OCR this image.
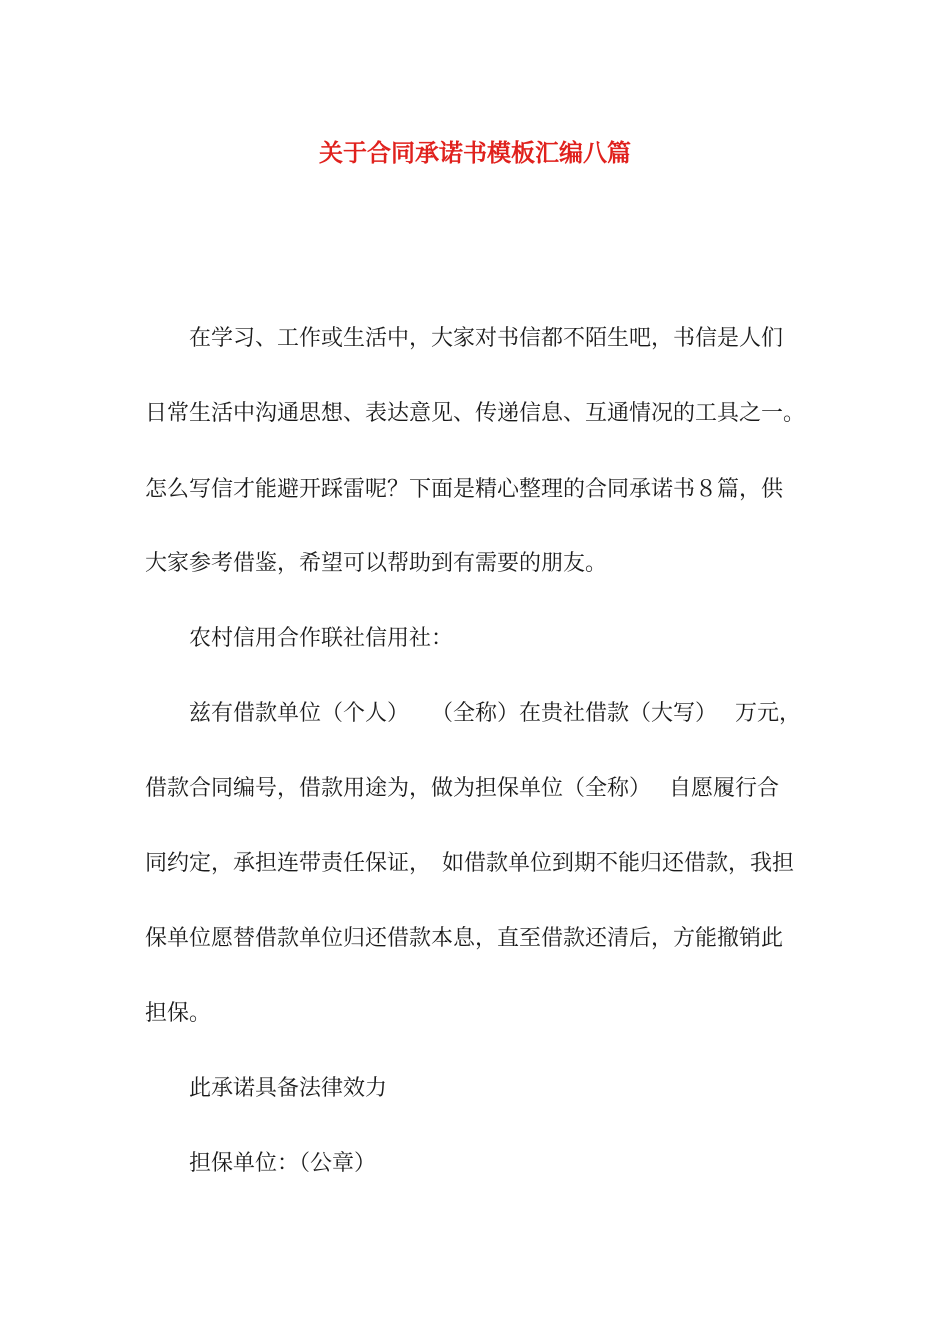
关于合同承诺书模板汇编八篇
在学习、工作或生活中，大家对书信都不陌生吧，书信是人们
日常生活中沟通思想、表达意见、传递信息、互通情况的工具之一。
怎么写信才能避开踩雷呢？下面是精心整理的合同承诺书８篇，供
大家参考借鉴，希望可以帮助到有需要的朋友。
农村信用合作联社信用社：
兹有借款单位（个人）　　（全称）在贵社借款（大写）　 万元，
借款合同编号，借款用途为，做为担保单位（全称）　 自愿履行合
同约定，承担连带责任保证，　如借款单位到期不能归还借款，我担
保单位愿替借款单位归还借款本息，直至借款还清后，方能撤销此
担保。
此承诺具备法律效力
担保单位：（公章）
